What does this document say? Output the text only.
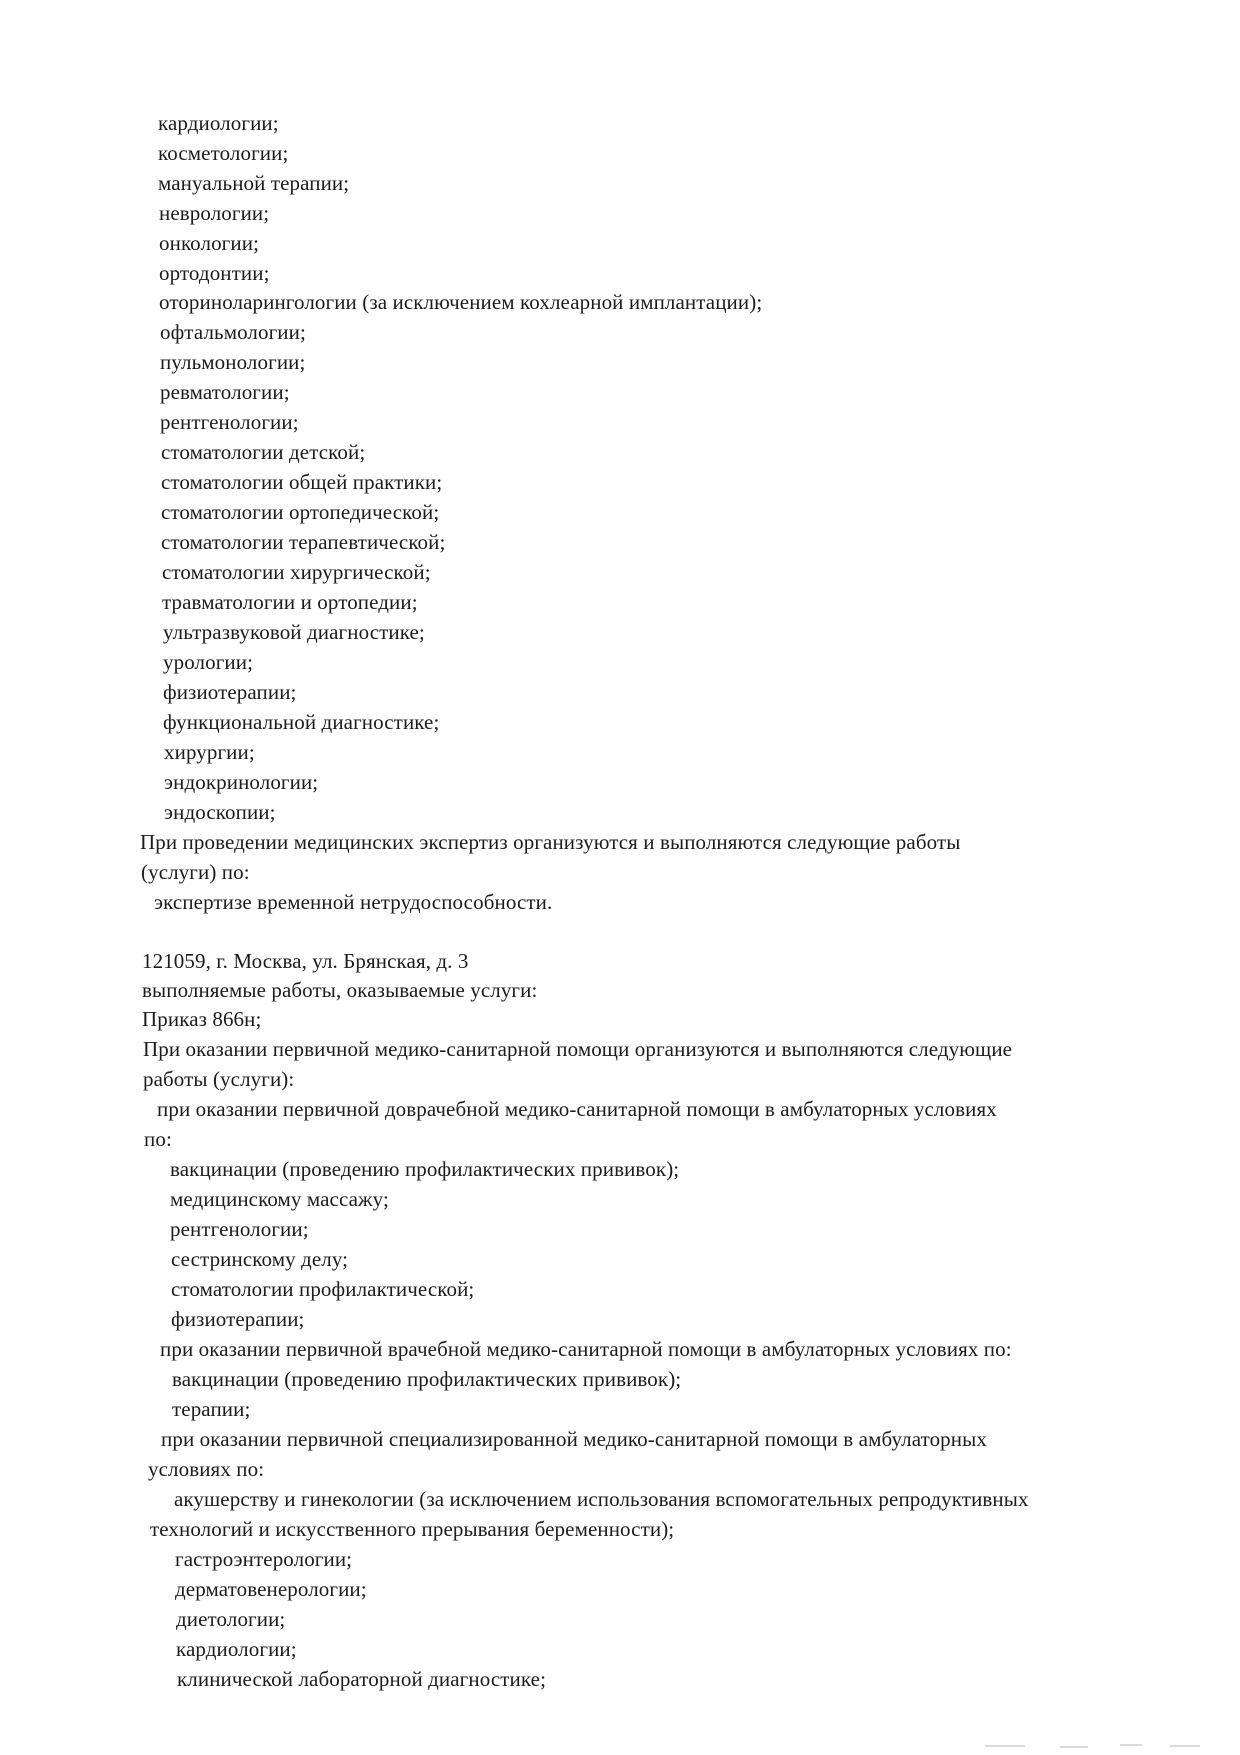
кардиологии;
косметологии;
мануальной терапии;
неврологии;
онкологии;
ортодонтии;
оториноларингологии (за исключением кохлеарной имплантации);
офтальмологии;
пульмонологии;
ревматологии;
рентгенологии;
стоматологии детской;
стоматологии общей практики;
стоматологии ортопедической;
стоматологии терапевтической;
стоматологии хирургической;
травматологии и ортопедии;
ультразвуковой диагностике;
урологии;
физиотерапии;
функциональной диагностике;
хирургии;
эндокринологии;
эндоскопии;
При проведении медицинских экспертиз организуются и выполняются следующие работы
(услуги) по:
экспертизе временной нетрудоспособности.
121059, г. Москва, ул. Брянская, д. 3
выполняемые работы, оказываемые услуги:
Приказ 866н;
При оказании первичной медико-санитарной помощи организуются и выполняются следующие
работы (услуги):
при оказании первичной доврачебной медико-санитарной помощи в амбулаторных условиях
по:
вакцинации (проведению профилактических прививок);
медицинскому массажу;
рентгенологии;
сестринскому делу;
стоматологии профилактической;
физиотерапии;
при оказании первичной врачебной медико-санитарной помощи в амбулаторных условиях по:
вакцинации (проведению профилактических прививок);
терапии;
при оказании первичной специализированной медико-санитарной помощи в амбулаторных
условиях по:
акушерству и гинекологии (за исключением использования вспомогательных репродуктивных
технологий и искусственного прерывания беременности);
гастроэнтерологии;
дерматовенерологии;
диетологии;
кардиологии;
клинической лабораторной диагностике;
